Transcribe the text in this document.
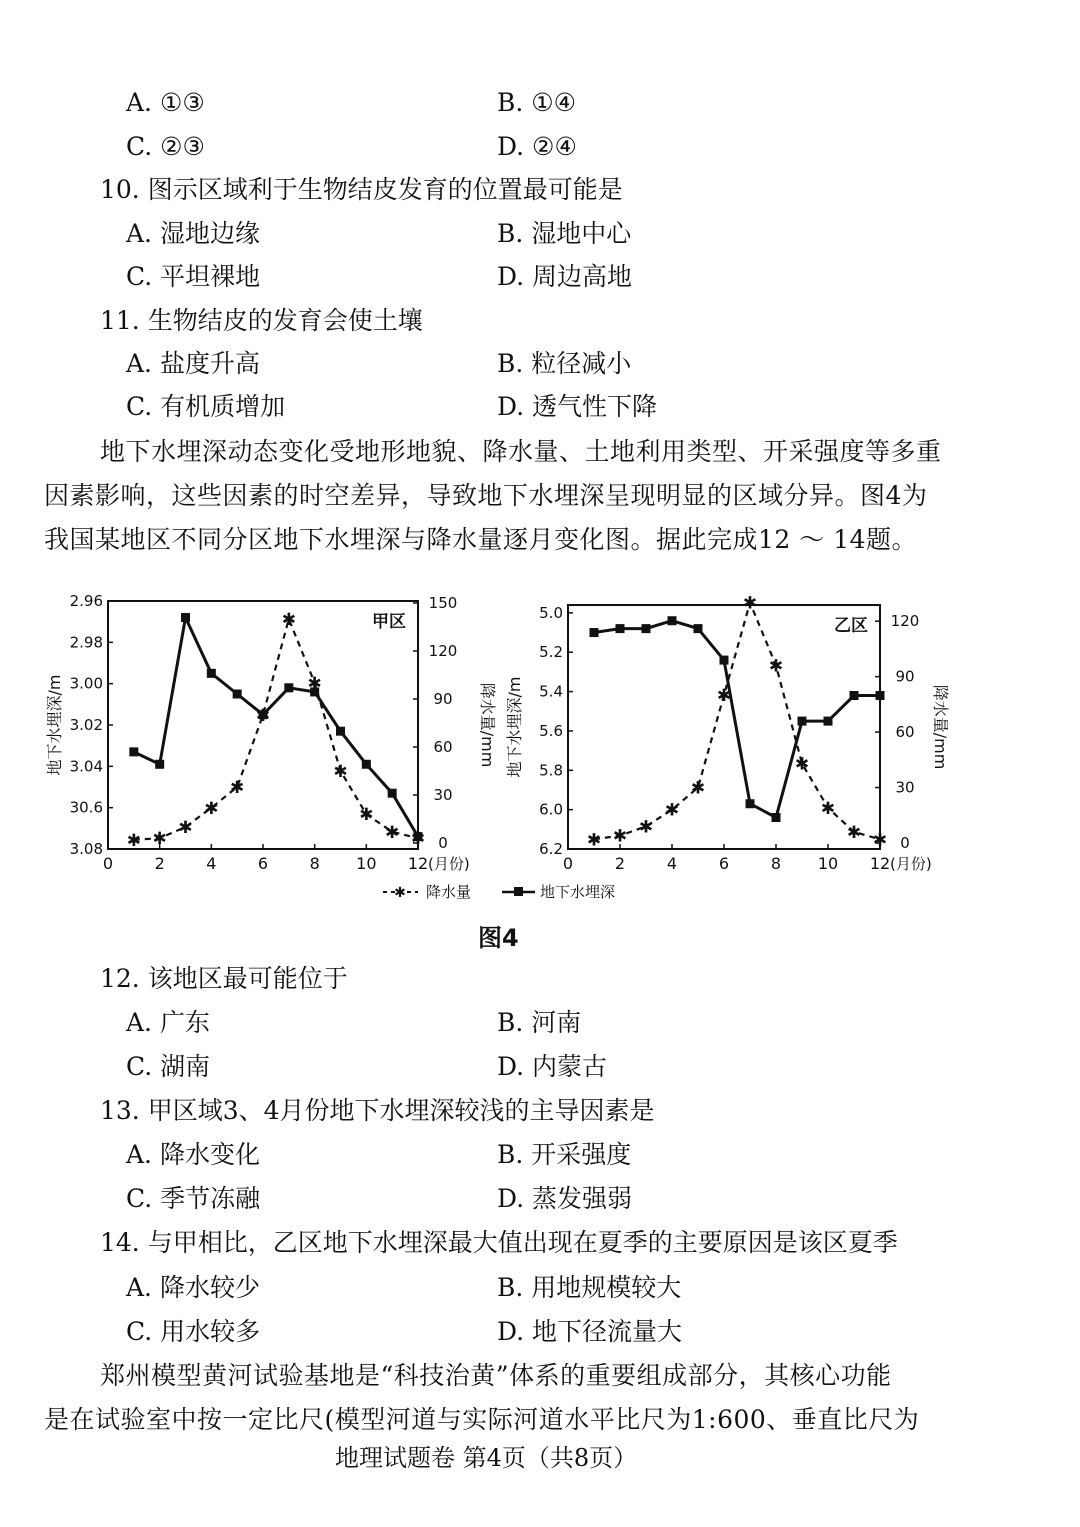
A. ①③	B. ①④
C. ②③	D. ②④
10. 图示区域利于生物结皮发育的位置最可能是
A. 湿地边缘	B. 湿地中心
C. 平坦裸地	D. 周边高地
11. 生物结皮的发育会使土壤
A. 盐度升高	B. 粒径减小
C. 有机质增加	D. 透气性下降
地下水埋深动态变化受地形地貌、降水量、土地利用类型、开采强度等多重
因素影响，这些因素的时空差异，导致地下水埋深呈现明显的区域分异。图4为
我国某地区不同分区地下水埋深与降水量逐月变化图。据此完成12 ～ 14题。
0	2	4	6	8 10 12 (月份)
2.96
2.98
3.00
3.02
3.04
30.6
3.08	0
30
60
90
120
150
地下水埋深/m	降水量/mm
甲区
✱ ✱
✱
✱
✱
✱
✱
✱
✱
✱
✱ ✱
0	2	4	6	8 10 12 (月份)
5.0
5.2
5.4
5.6
5.8
6.0
6.2	0
30
60
90
120
地下水埋深/m	降水量/mm
乙区
✱ ✱ ✱
✱
✱
✱
✱
✱
✱
✱
✱ ✱
✱ 降水量	地下水埋深
图4
12. 该地区最可能位于
A. 广东	B. 河南
C. 湖南	D. 内蒙古
13. 甲区域3、4月份地下水埋深较浅的主导因素是
A. 降水变化	B. 开采强度
C. 季节冻融	D. 蒸发强弱
14. 与甲相比，乙区地下水埋深最大值出现在夏季的主要原因是该区夏季
A. 降水较少	B. 用地规模较大
C. 用水较多	D. 地下径流量大
郑州模型黄河试验基地是“科技治黄”体系的重要组成部分，其核心功能
是在试验室中按一定比尺(模型河道与实际河道水平比尺为1:600、垂直比尺为
地理试题卷 第4页（共8页）
